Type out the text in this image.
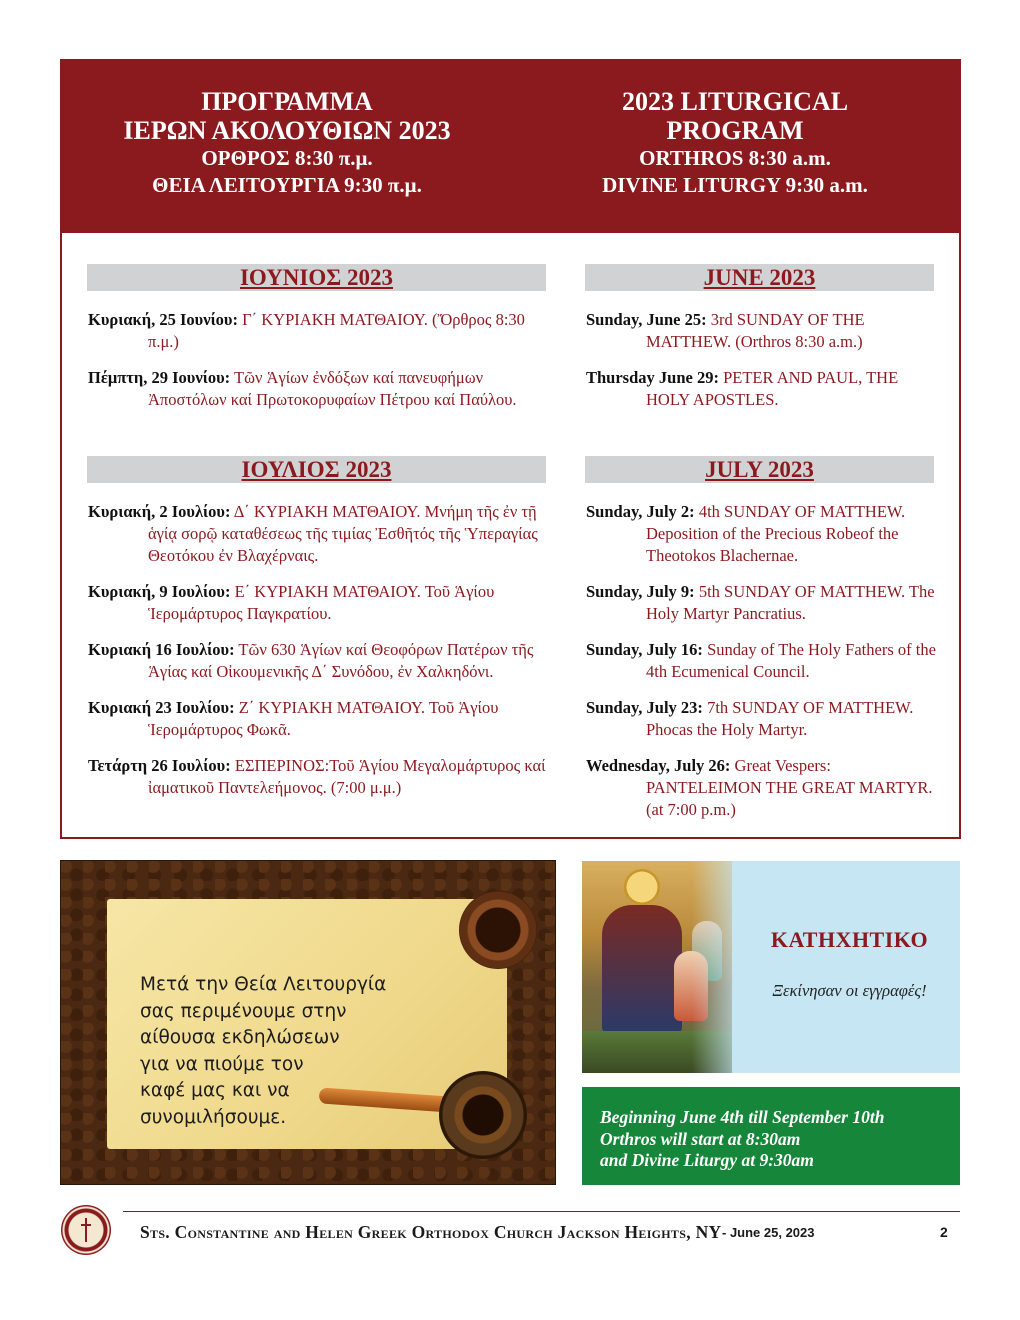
ΠΡΟΓΡΑΜΜΑ
ΙΕΡΩΝ ΑΚΟΛΟΥΘΙΩΝ 2023
ΟΡΘΡΟΣ 8:30 π.μ.
ΘΕΙΑ ΛΕΙΤΟΥΡΓΙΑ 9:30 π.μ.
2023 LITURGICAL
PROGRAM
ORTHROS 8:30 a.m.
DIVINE LITURGY 9:30 a.m.
ΙΟΥΝΙΟΣ 2023	JUNE 2023
Κυριακή, 25 Ιουνίου: Γ΄ ΚΥΡΙΑΚΗ ΜΑΤΘΑΙΟΥ. (Ὄρθρος 8:30 π.μ.)
Πέμπτη, 29 Ιουνίου: Τῶν Ἁγίων ἐνδόξων καί πανευφήμων Ἀποστόλων καί Πρωτοκορυφαίων Πέτρου καί Παύλου.
Sunday, June 25: 3rd SUNDAY OF THE MATTHEW. (Orthros 8:30 a.m.)
Thursday June 29: PETER AND PAUL, THE HOLY APOSTLES.
ΙΟΥΛΙΟΣ 2023	JULY 2023
Κυριακή, 2 Ιουλίου: Δ΄ ΚΥΡΙΑΚΗ ΜΑΤΘΑΙΟΥ. Μνήμη τῆς ἐν τῇ ἁγίᾳ σορῷ καταθέσεως τῆς τιμίας Ἐσθῆτός τῆς Ὑπεραγίας Θεοτόκου ἐν Βλαχέρναις.
Κυριακή, 9 Ιουλίου: Ε΄ ΚΥΡΙΑΚΗ ΜΑΤΘΑΙΟΥ. Τοῦ Ἁγίου Ἱερομάρτυρος Παγκρατίου.
Κυριακή 16 Ιουλίου: Τῶν 630 Ἁγίων καί Θεοφόρων Πατέρων τῆς Ἁγίας καί Οἰκουμενικῆς Δ΄ Συνόδου, ἐν Χαλκηδόνι.
Κυριακή 23 Ιουλίου: Ζ΄ ΚΥΡΙΑΚΗ ΜΑΤΘΑΙΟΥ. Τοῦ Ἁγίου Ἱερομάρτυρος Φωκᾶ.
Τετάρτη 26 Ιουλίου: ΕΣΠΕΡΙΝΟΣ:Τοῦ Ἁγίου Μεγαλομάρτυρος καί ἰαματικοῦ Παντελεήμονος. (7:00 μ.μ.)
Sunday, July 2: 4th SUNDAY OF MATTHEW. Deposition of the Precious Robeof the Theotokos Blachernae.
Sunday, July 9: 5th SUNDAY OF MATTHEW. The Holy Martyr Pancratius.
Sunday, July 16: Sunday of The Holy Fathers of the 4th Ecumenical Council.
Sunday, July 23: 7th SUNDAY OF MATTHEW. Phocas the Holy Martyr.
Wednesday, July 26: Great Vespers: PANTELEIMON THE GREAT MARTYR. (at 7:00 p.m.)
Μετά την Θεία Λειτουργία
σας περιμένουμε στην
αίθουσα εκδηλώσεων
για να πιούμε τον
καφέ μας και να
συνομιλήσουμε.
ΚΑΤΗΧΗΤΙΚΟ
Ξεκίνησαν οι εγγραφές!
Beginning June 4th till September 10th
Orthros will start at 8:30am
and Divine Liturgy at 9:30am
Sts. Constantine and Helen Greek Orthodox Church Jackson Heights, NY - June 25, 2023	2
